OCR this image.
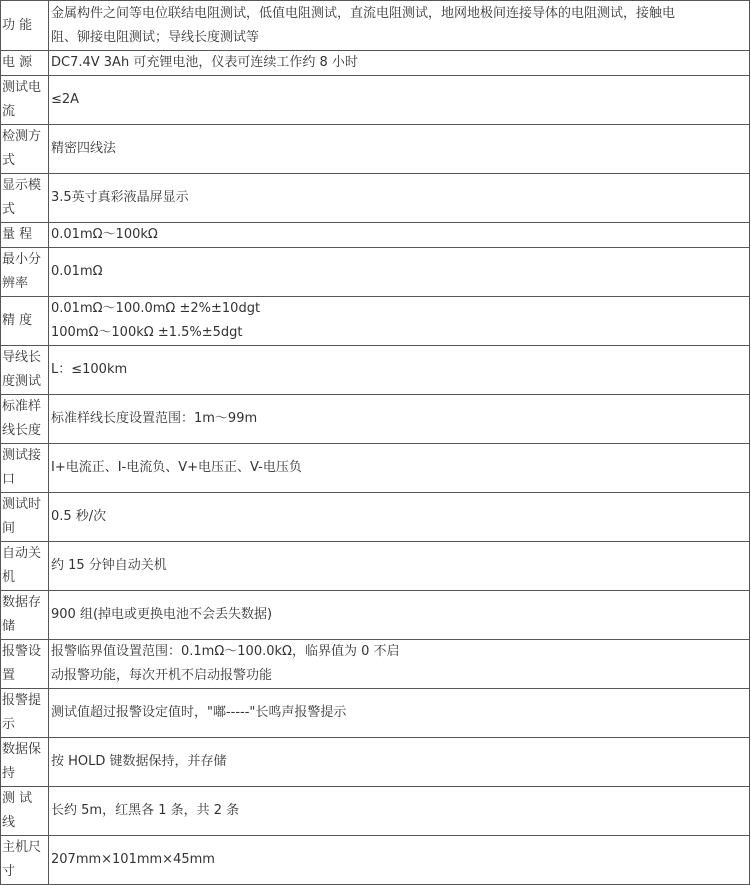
功 能	金属构件之间等电位联结电阻测试，低值电阻测试，直流电阻测试，地网地极间连接导体的电阻测试，接触电
阻、铆接电阻测试；导线长度测试等

电 源	DC7.4V 3Ah 可充锂电池，仪表可连续工作约 8 小时

测试电流	≤2A

检测方式	精密四线法

显示模式	3.5英寸真彩液晶屏显示

量 程	0.01mΩ～100kΩ

最小分辨率	0.01mΩ

精 度	0.01mΩ～100.0mΩ ±2%±10dgt
100mΩ～100kΩ ±1.5%±5dgt

导线长度测试	L：≤100km

标准样线长度	标准样线长度设置范围：1m～99m

测试接口	I+电流正、I-电流负、V+电压正、V-电压负

测试时间	0.5 秒/次

自动关机	约 15 分钟自动关机

数据存储	900 组(掉电或更换电池不会丢失数据)

报警设置	报警临界值设置范围：0.1mΩ～100.0kΩ，临界值为 0 不启
动报警功能，每次开机不启动报警功能

报警提示	测试值超过报警设定值时，"嘟-----"长鸣声报警提示

数据保持	按 HOLD 键数据保持，并存储

测 试 线	长约 5m，红黑各 1 条，共 2 条

主机尺寸	207mm×101mm×45mm
